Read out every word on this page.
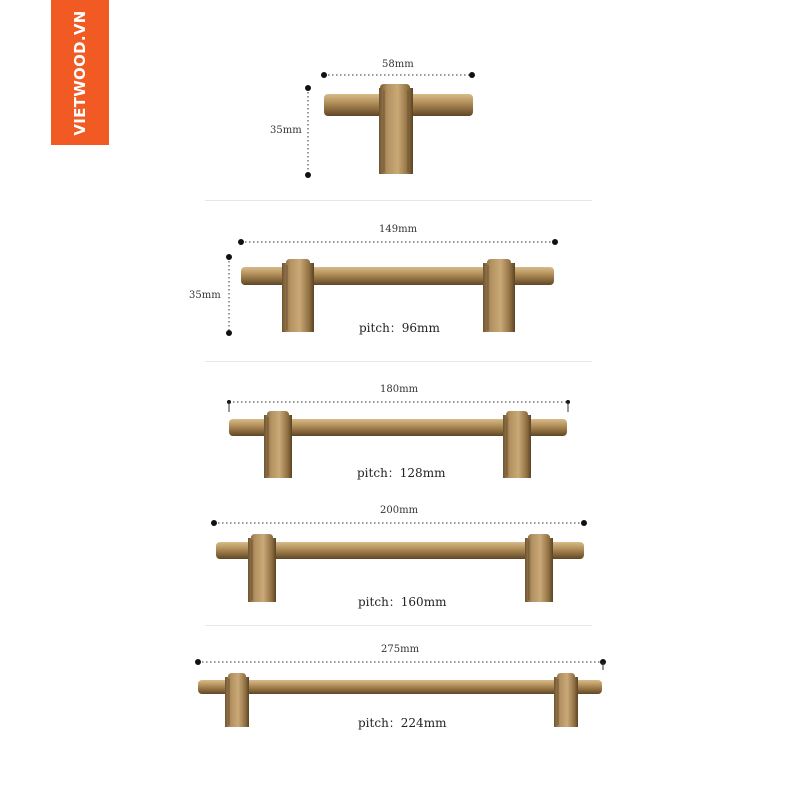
VIETWOOD.VN	58mm
35mm
149mm
35mm
pitch：96mm
180mm
pitch：128mm
200mm
pitch：160mm
275mm
pitch：224mm
